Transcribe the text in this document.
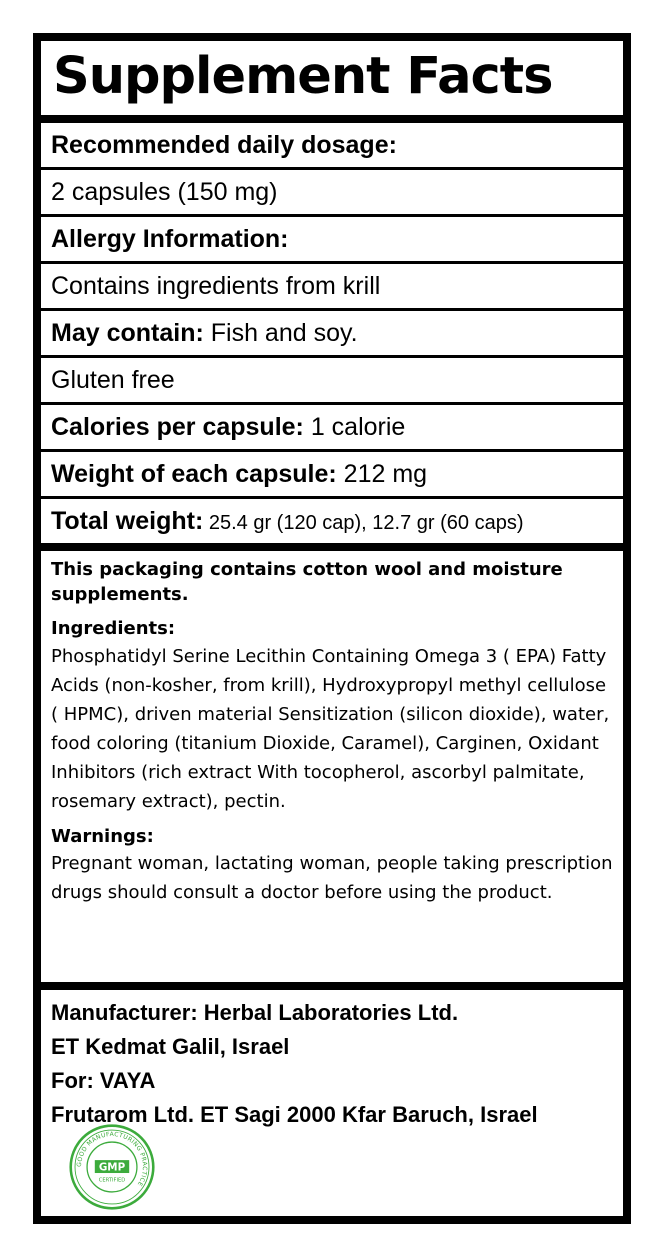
Supplement Facts
Recommended daily dosage:
2 capsules (150 mg)
Allergy Information:
Contains ingredients from krill
May contain: Fish and soy.
Gluten free
Calories per capsule: 1 calorie
Weight of each capsule: 212 mg
Total weight: 25.4 gr (120 cap), 12.7 gr (60 caps)

This packaging contains cotton wool and moisture supplements.

Ingredients:

Phosphatidyl Serine Lecithin Containing Omega 3 ( EPA) Fatty Acids (non-kosher, from krill), Hydroxypropyl methyl cellulose ( HPMC), driven material Sensitization (silicon dioxide), water, food coloring (titanium Dioxide, Caramel), Carginen, Oxidant Inhibitors (rich extract With tocopherol, ascorbyl palmitate, rosemary extract), pectin.

Warnings:

Pregnant woman, lactating woman, people taking prescription drugs should consult a doctor before using the product.

Manufacturer: Herbal Laboratories Ltd.
ET Kedmat Galil, Israel
For: VAYA
Frutarom Ltd. ET Sagi 2000 Kfar Baruch, Israel
GOOD MANUFACTURING PRACTICE
GMP
CERTIFIED
